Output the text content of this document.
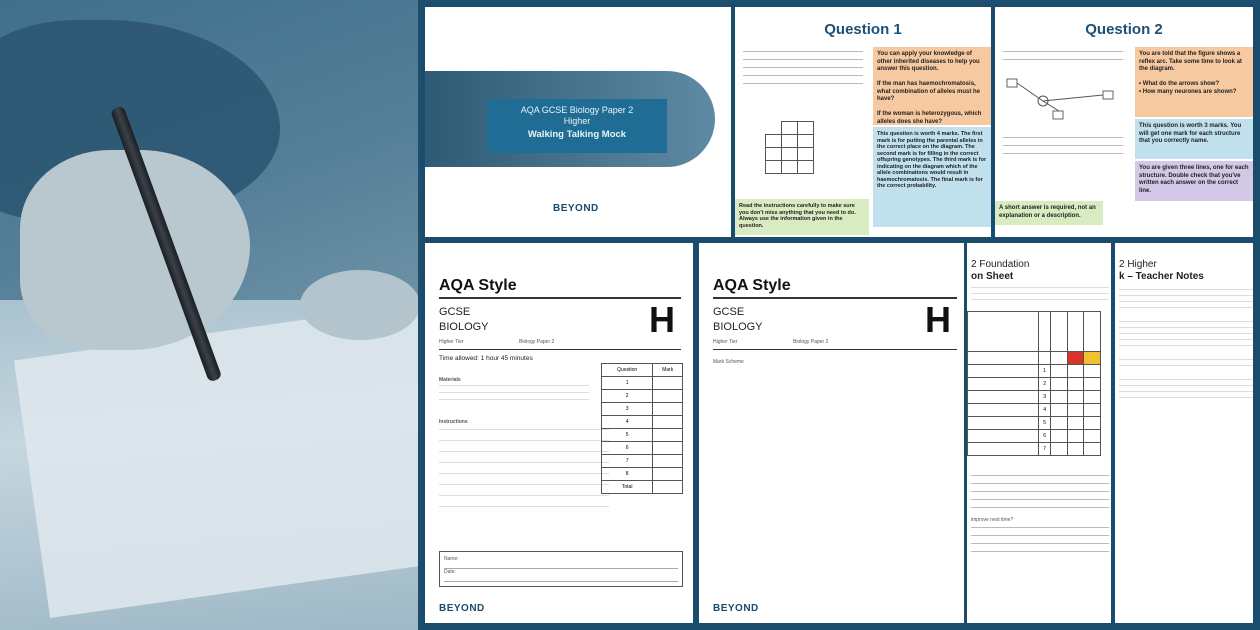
AQA GCSE Biology Paper 2
Higher
Walking Talking Mock
BEYOND
Question 1

You can apply your knowledge of other inherited diseases to help you answer this question.

If the man has haemochromatosis, what combination of alleles must he have?

If the woman is heterozygous, which alleles does she have?
This question is worth 4 marks. The first mark is for putting the parental alleles in the correct place on the diagram. The second mark is for filling in the correct offspring genotypes. The third mark is for indicating on the diagram which of the allele combinations would result in haemochromatosis. The final mark is for the correct probability.
Read the instructions carefully to make sure you don't miss anything that you need to do. Always use the information given in the question.
Question 2
You are told that the figure shows a reflex arc. Take some time to look at the diagram.

• What do the arrows show?
• How many neurones are shown?
This question is worth 3 marks. You will get one mark for each structure that you correctly name.
You are given three lines, one for each structure. Double check that you've written each answer on the correct line.
A short answer is required, not an explanation or a description.
AQA Style
GCSE
BIOLOGY	H
Higher Tier	Biology Paper 2
Time allowed: 1 hour 45 minutes
Materials
Instructions
Question	Mark
1	
2	
3	
4	
5	
6	
7	
8	
Total	
Name:
Date:
BEYOND
AQA Style
GCSE
BIOLOGY	H
Higher Tier	Biology Paper 2
Mark Scheme
BEYOND
2 Foundation
on Sheet

	1			
	2			
	3			
	4			
	5			
	6			
	7			
improve next time?
2 Higher
k – Teacher Notes
